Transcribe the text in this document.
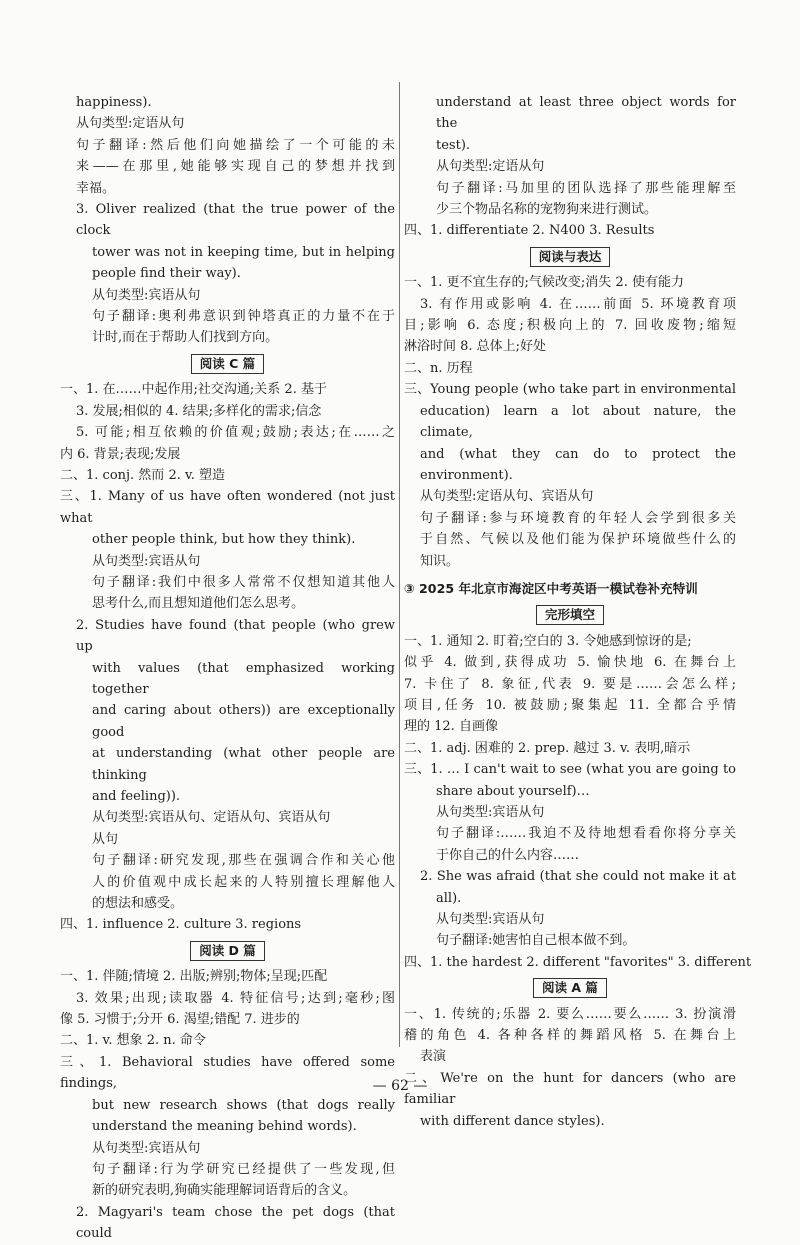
happiness).
从句类型:定语从句
句子翻译:然后他们向她描绘了一个可能的未
来——在那里,她能够实现自己的梦想并找到
幸福。
3. Oliver realized (that the true power of the clock
tower was not in keeping time, but in helping
people find their way).
从句类型:宾语从句
句子翻译:奥利弗意识到钟塔真正的力量不在于
计时,而在于帮助人们找到方向。
阅读 C 篇
一、1. 在……中起作用;社交沟通;关系 2. 基于
3. 发展;相似的 4. 结果;多样化的需求;信念
5. 可能;相互依赖的价值观;鼓励;表达;在……之
内 6. 背景;表现;发展
二、1. conj. 然而 2. v. 塑造
三、1. Many of us have often wondered (not just what
other people think, but how they think).
从句类型:宾语从句
句子翻译:我们中很多人常常不仅想知道其他人
思考什么,而且想知道他们怎么思考。
2. Studies have found (that people (who grew up
with values (that emphasized working together
and caring about others)) are exceptionally good
at understanding (what other people are thinking
and feeling)).
从句类型:宾语从句、定语从句、宾语从句
从句
句子翻译:研究发现,那些在强调合作和关心他
人的价值观中成长起来的人特别擅长理解他人
的想法和感受。
四、1. influence 2. culture 3. regions
阅读 D 篇
一、1. 伴随;情境 2. 出版;辨别;物体;呈现;匹配
3. 效果;出现;读取器 4. 特征信号;达到;毫秒;图
像 5. 习惯于;分开 6. 渴望;错配 7. 进步的
二、1. v. 想象 2. n. 命令
三、1. Behavioral studies have offered some findings,
but new research shows (that dogs really
understand the meaning behind words).
从句类型:宾语从句
句子翻译:行为学研究已经提供了一些发现,但
新的研究表明,狗确实能理解词语背后的含义。
2. Magyari's team chose the pet dogs (that could
understand at least three object words for the
test).
从句类型:定语从句
句子翻译:马加里的团队选择了那些能理解至
少三个物品名称的宠物狗来进行测试。
四、1. differentiate 2. N400 3. Results
阅读与表达
一、1. 更不宜生存的;气候改变;消失 2. 使有能力
3. 有作用或影响 4. 在……前面 5. 环境教育项
目;影响 6. 态度;积极向上的 7. 回收废物;缩短
淋浴时间 8. 总体上;好处
二、n. 历程
三、Young people (who take part in environmental
education) learn a lot about nature, the climate,
and (what they can do to protect the
environment).
从句类型:定语从句、宾语从句
句子翻译:参与环境教育的年轻人会学到很多关
于自然、气候以及他们能为保护环境做些什么的
知识。
③ 2025 年北京市海淀区中考英语一模试卷补充特训
完形填空
一、1. 通知 2. 盯着;空白的 3. 令她感到惊讶的是;
似乎 4. 做到,获得成功 5. 愉快地 6. 在舞台上
7. 卡住了 8. 象征,代表 9. 要是……会怎么样;
项目,任务 10. 被鼓励;聚集起 11. 全都合乎情
理的 12. 自画像
二、1. adj. 困难的 2. prep. 越过 3. v. 表明,暗示
三、1. … I can't wait to see (what you are going to
share about yourself)…
从句类型:宾语从句
句子翻译:……我迫不及待地想看看你将分享关
于你自己的什么内容……
2. She was afraid (that she could not make it at
all).
从句类型:宾语从句
句子翻译:她害怕自己根本做不到。
四、1. the hardest 2. different "favorites" 3. different
阅读 A 篇
一、1. 传统的;乐器 2. 要么……要么…… 3. 扮演滑
稽的角色 4. 各种各样的舞蹈风格 5. 在舞台上
表演
二、We're on the hunt for dancers (who are familiar
with different dance styles).
— 62 —
